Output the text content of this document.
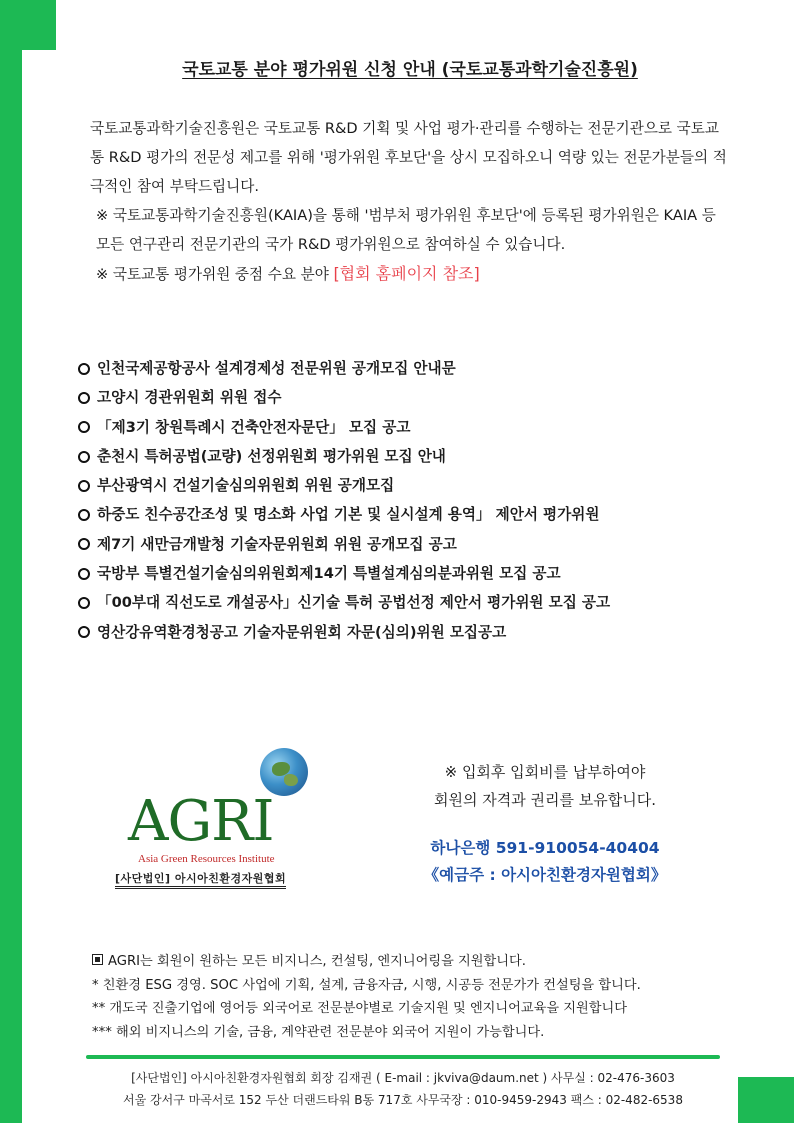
국토교통 분야 평가위원 신청 안내 (국토교통과학기술진흥원)

국토교통과학기술진흥원은 국토교통 R&D 기획 및 사업 평가·관리를 수행하는 전문기관으로 국토교통 R&D 평가의 전문성 제고를 위해 '평가위원 후보단'을 상시 모집하오니 역량 있는 전문가분들의 적극적인 참여 부탁드립니다.

※ 국토교통과학기술진흥원(KAIA)을 통해 '범부처 평가위원 후보단'에 등록된 평가위원은 KAIA 등 모든 연구관리 전문기관의 국가 R&D 평가위원으로 참여하실 수 있습니다.

※ 국토교통 평가위원 중점 수요 분야 [협회 홈페이지 참조]

인천국제공항공사 설계경제성 전문위원 공개모집 안내문
고양시 경관위원회 위원 접수
「제3기 창원특례시 건축안전자문단」 모집 공고
춘천시 특허공법(교량) 선정위원회 평가위원 모집 안내
부산광역시 건설기술심의위원회 위원 공개모집
하중도 친수공간조성 및 명소화 사업 기본 및 실시설계 용역」 제안서 평가위원
제7기 새만금개발청 기술자문위원회 위원 공개모집 공고
국방부 특별건설기술심의위원회제14기 특별설계심의분과위원 모집 공고
「00부대 직선도로 개설공사」신기술 특허 공법선정 제안서 평가위원 모집 공고
영산강유역환경청공고 기술자문위원회 자문(심의)위원 모집공고
AGRI
Asia Green Resources Institute
[사단법인] 아시아친환경자원협회
※ 입회후 입회비를 납부하여야
회원의 자격과 권리를 보유합니다.
하나은행 591-910054-40404
《예금주 : 아시아친환경자원협회》

AGRI는 회원이 원하는 모든 비지니스, 컨설팅, 엔지니어링을 지원합니다.

* 친환경 ESG 경영. SOC 사업에 기획, 설계, 금융자금, 시행, 시공등 전문가가 컨설팅을 합니다.

** 개도국 진출기업에 영어등 외국어로 전문분야별로 기술지원 및 엔지니어교육을 지원합니다

*** 해외 비지니스의 기술, 금융, 계약관련 전문분야 외국어 지원이 가능합니다.

[사단법인] 아시아친환경자원협회 회장 김재권 ( E-mail : jkviva@daum.net ) 사무실 : 02-476-3603

서울 강서구 마곡서로 152 두산 더랜드타워 B동 717호 사무국장 : 010-9459-2943 팩스 : 02-482-6538
